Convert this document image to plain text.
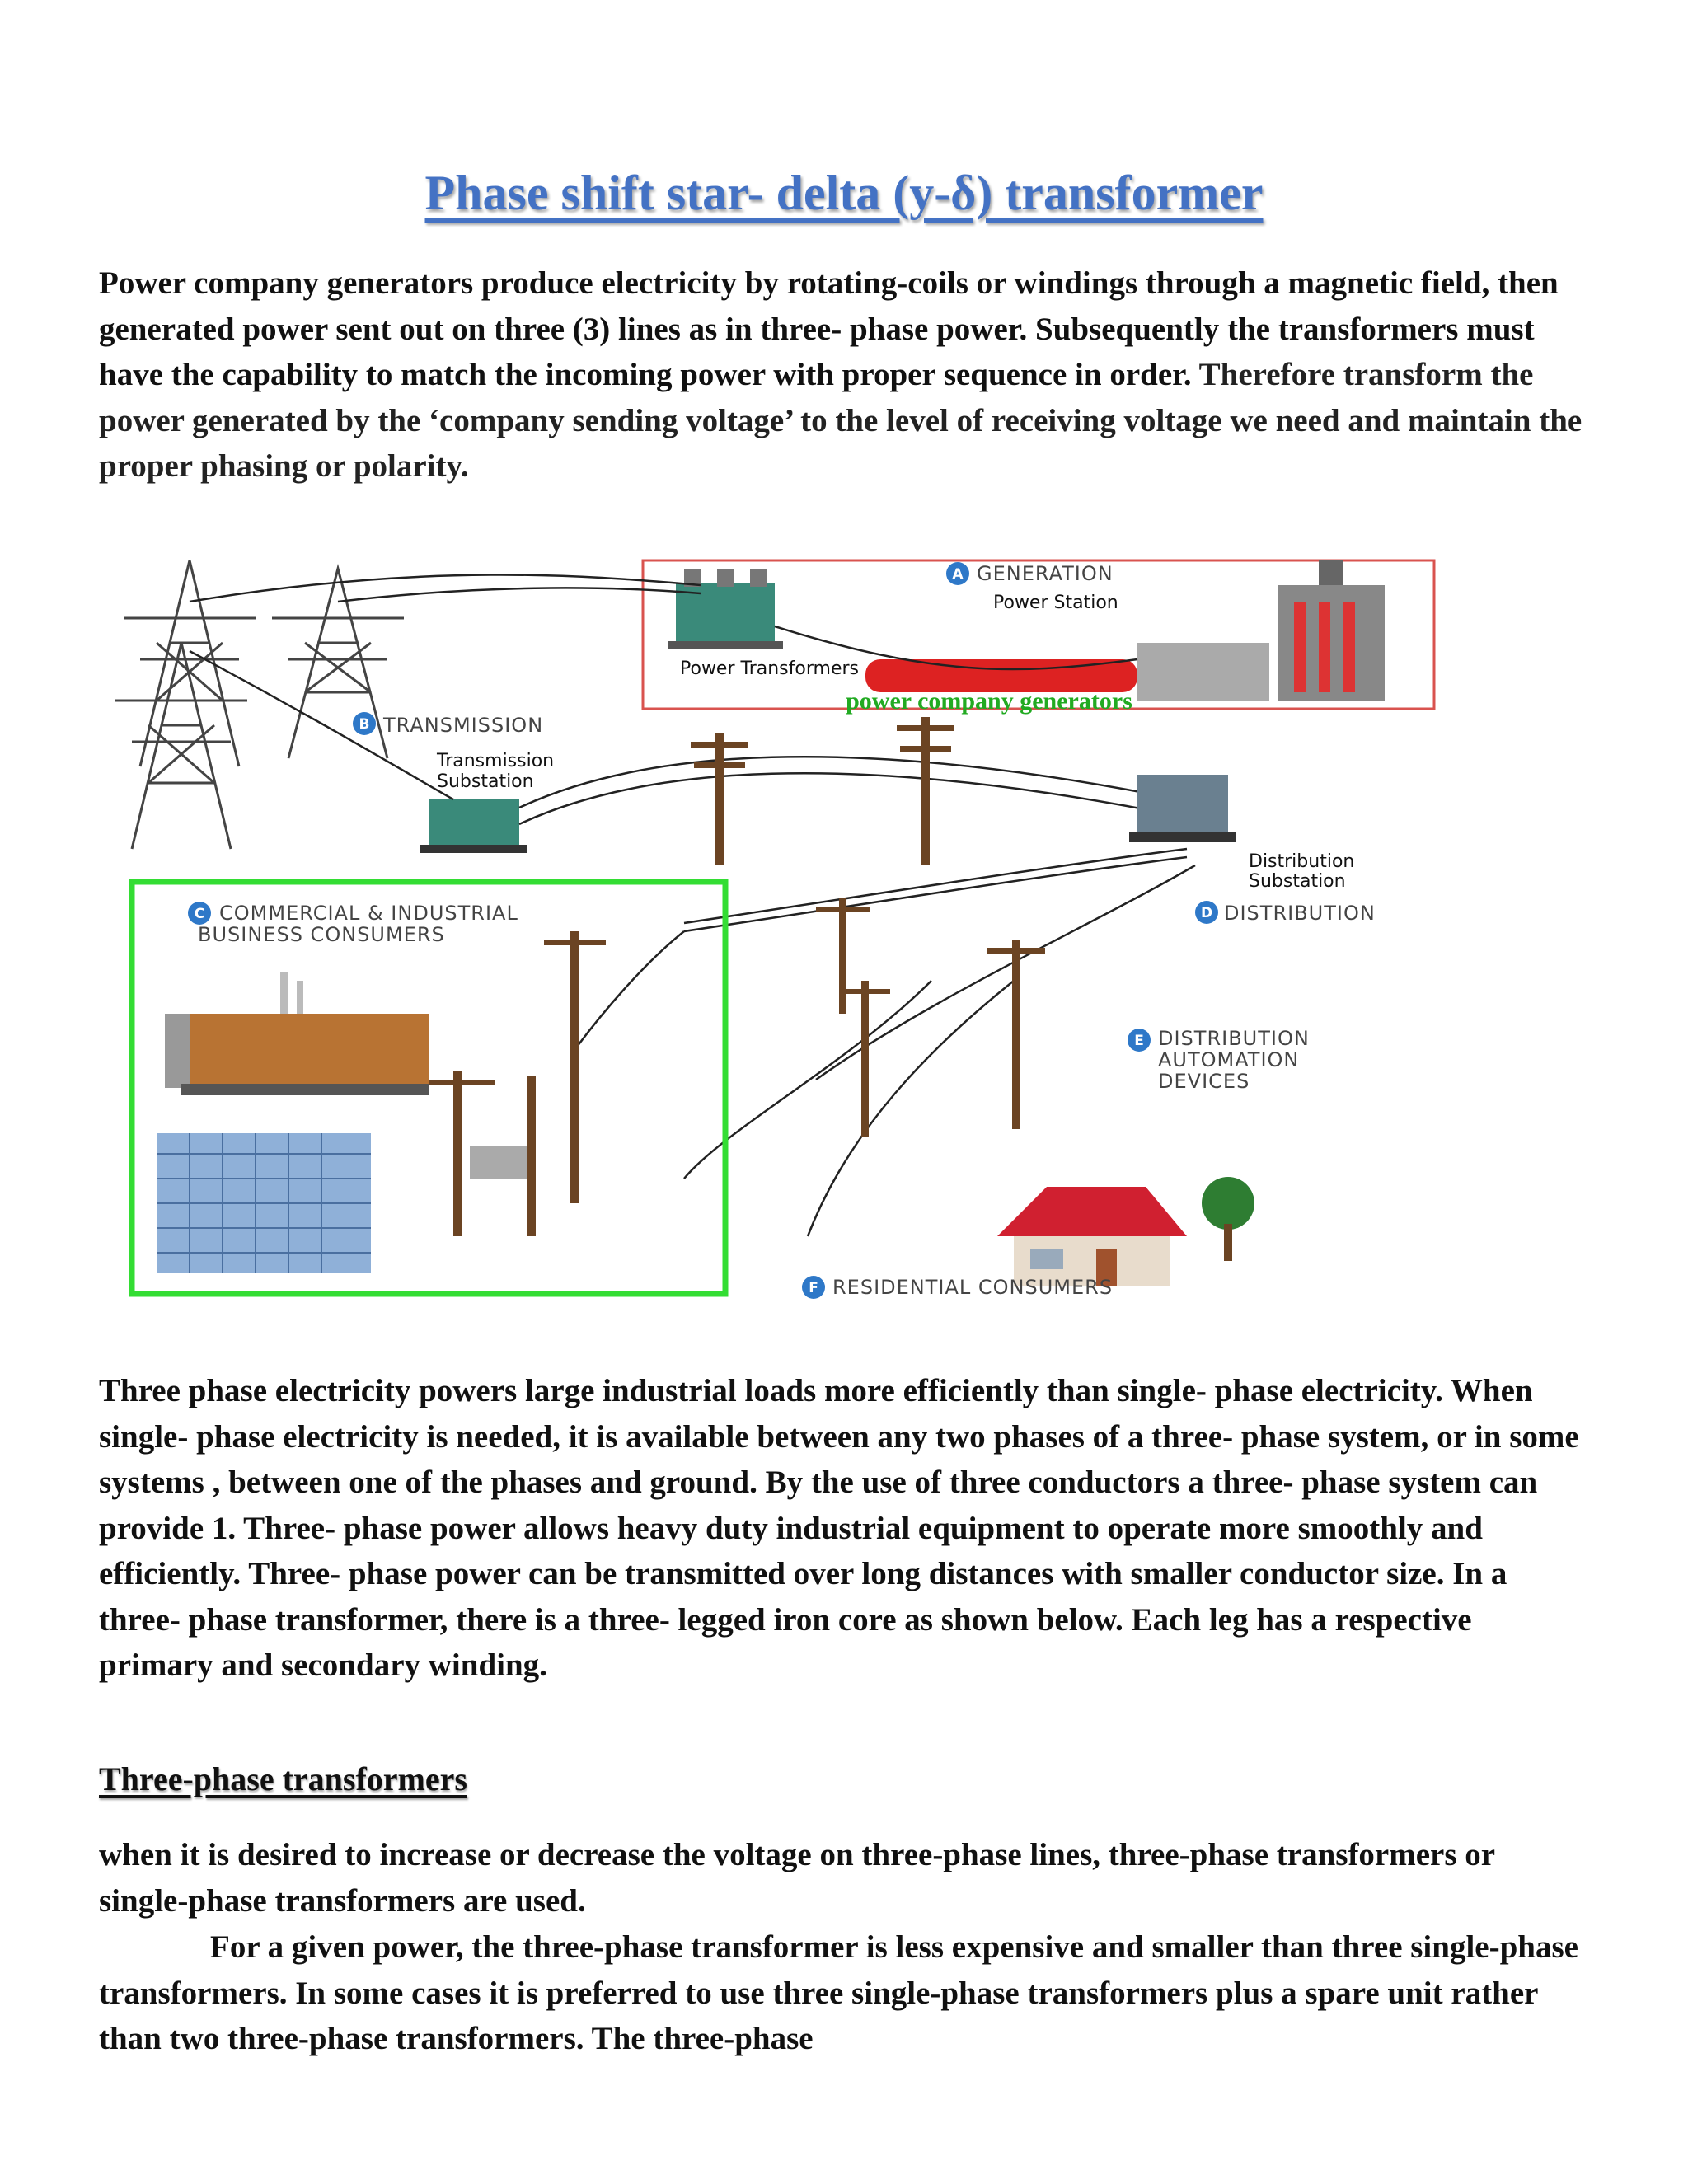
Phase shift star- delta (y-δ) transformer

Power company generators produce electricity by rotating-coils or windings through a magnetic field, then generated power sent out on three (3) lines as in three- phase power. Subsequently the transformers must have the capability to match the incoming power with proper sequence in order. Therefore transform the power generated by the ‘company sending voltage’ to the level of receiving voltage we need and maintain the proper phasing or polarity.

A GENERATION
Power Station
Power Transformers
power company generators
B TRANSMISSION
Transmission
Substation
Distribution
Substation
D DISTRIBUTION
E DISTRIBUTION
AUTOMATION
DEVICES
C COMMERCIAL & INDUSTRIAL
BUSINESS CONSUMERS
F RESIDENTIAL CONSUMERS

Three phase electricity powers large industrial loads more efficiently than single- phase electricity. When single- phase electricity is needed, it is available between any two phases of a three- phase system, or in some systems , between one of the phases and ground. By the use of three conductors a three- phase system can provide 1. Three- phase power allows heavy duty industrial equipment to operate more smoothly and efficiently. Three- phase power can be transmitted over long distances with smaller conductor size. In a three- phase transformer, there is a three- legged iron core as shown below. Each leg has a respective primary and secondary winding.

Three-phase transformers

when it is desired to increase or decrease the voltage on three-phase lines, three-phase transformers or single-phase transformers are used.

For a given power, the three-phase transformer is less expensive and smaller than three single-phase transformers. In some cases it is preferred to use three single-phase transformers plus a spare unit rather than two three-phase transformers. The three-phase
